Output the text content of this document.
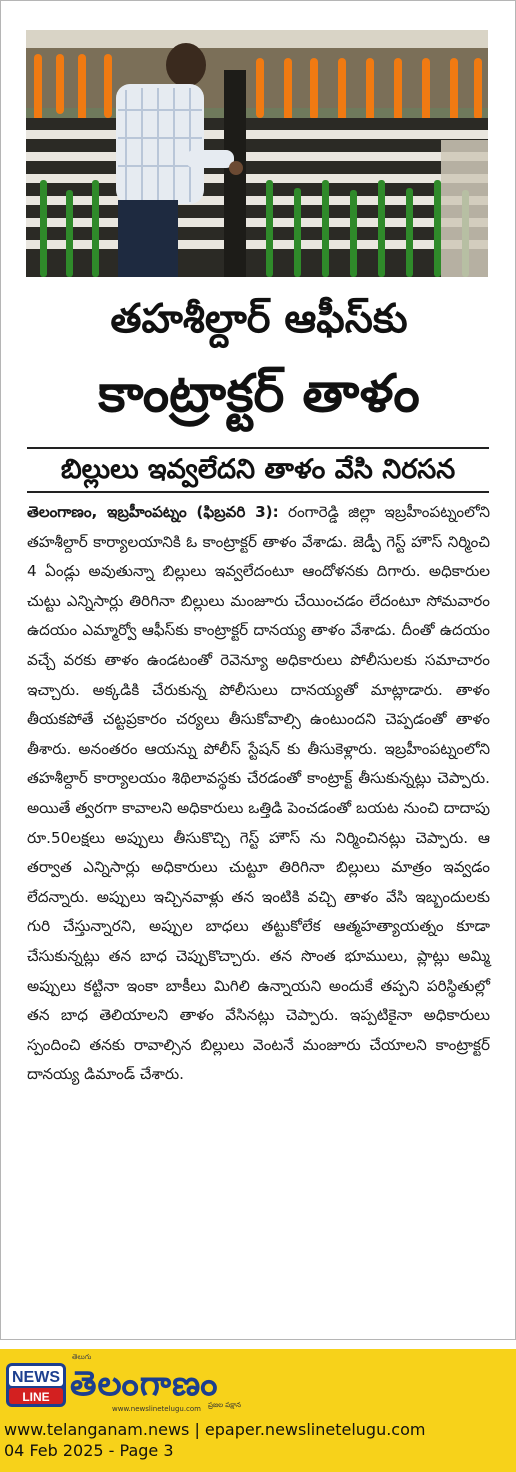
తహశీల్దార్ ఆఫీస్‌కు
కాంట్రాక్టర్ తాళం
బిల్లులు ఇవ్వలేదని తాళం వేసి నిరసన
తెలంగాణం, ఇబ్రహీంపట్నం (ఫిబ్రవరి 3): రంగారెడ్డి జిల్లా ఇబ్రహీంపట్నంలోని తహశీల్దార్ కార్యాలయానికి ఓ కాంట్రాక్టర్ తాళం వేశాడు. జెడ్పీ గెస్ట్ హౌస్ నిర్మించి 4 ఏండ్లు అవుతున్నా బిల్లులు ఇవ్వలేదంటూ ఆందోళనకు దిగారు. అధికారుల చుట్టు ఎన్నిసార్లు తిరిగినా బిల్లులు మంజూరు చేయించడం లేదంటూ సోమవారం ఉదయం ఎమ్మార్వో ఆఫీస్‌కు కాంట్రాక్టర్ దానయ్య తాళం వేశాడు. దీంతో ఉదయం వచ్చే వరకు తాళం ఉండటంతో రెవెన్యూ అధికారులు పోలీసులకు సమాచారం ఇచ్చారు. అక్కడికి చేరుకున్న పోలీసులు దానయ్యతో మాట్లాడారు. తాళం తీయకపోతే చట్టప్రకారం చర్యలు తీసుకోవాల్సి ఉంటుందని చెప్పడంతో తాళం తీశారు. అనంతరం ఆయన్ను పోలీస్ స్టేషన్ కు తీసుకెళ్లారు. ఇబ్రహీంపట్నంలోని తహశీల్దార్ కార్యాలయం శిథిలావస్థకు చేరడంతో కాంట్రాక్ట్ తీసుకున్నట్లు చెప్పారు. అయితే త్వరగా కావాలని అధికారులు ఒత్తిడి పెంచడంతో బయట నుంచి దాదాపు రూ.50లక్షలు అప్పులు తీసుకొచ్చి గెస్ట్ హౌస్ ను నిర్మించినట్లు చెప్పారు. ఆ తర్వాత ఎన్నిసార్లు అధికారులు చుట్టూ తిరిగినా బిల్లులు మాత్రం ఇవ్వడం లేదన్నారు. అప్పులు ఇచ్చినవాళ్లు తన ఇంటికి వచ్చి తాళం వేసి ఇబ్బందులకు గురి చేస్తున్నారని, అప్పుల బాధలు తట్టుకోలేక ఆత్మహత్యాయత్నం కూడా చేసుకున్నట్లు తన బాధ చెప్పుకొచ్చారు. తన సొంత భూములు, ప్లాట్లు అమ్మి అప్పులు కట్టినా ఇంకా బాకీలు మిగిలి ఉన్నాయని అందుకే తప్పని పరిస్థితుల్లో తన బాధ తెలియాలని తాళం వేసినట్లు చెప్పారు. ఇప్పటికైనా అధికారులు స్పందించి తనకు రావాల్సిన బిల్లులు వెంటనే మంజూరు చేయాలని కాంట్రాక్టర్ దానయ్య డిమాండ్ చేశారు.
NEWS
LINE
తెలుగు
తెలంగాణం
www.newslinetelugu.com ప్రజల పక్షాన
www.telanganam.news | epaper.newslinetelugu.com
04 Feb 2025 - Page 3
